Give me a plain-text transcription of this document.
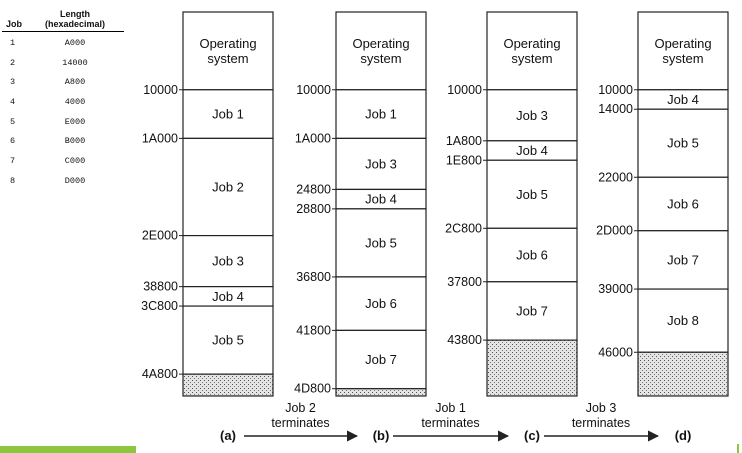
Job
Length
(hexadecimal)
1	A000
2	14000
3	A800
4	4000
5	E000
6	B000
7	C000
8	D000
Operating system
Job 1
Job 2
Job 3
Job 4
Job 5
10000
1A000
2E000
38800
3C800
4A800
(a)
Operating system
Job 1
Job 3
Job 4
Job 5
Job 6
Job 7
10000
1A000
24800
28800
36800
41800
4D800
(b)
Operating system
Job 3
Job 4
Job 5
Job 6
Job 7
10000
1A800
1E800
2C800
37800
43800
(c)
Operating system
Job 4
Job 5
Job 6
Job 7
Job 8
10000
14000
22000
2D000
39000
46000
(d)
Job 2
terminates
Job 1
terminates
Job 3
terminates
